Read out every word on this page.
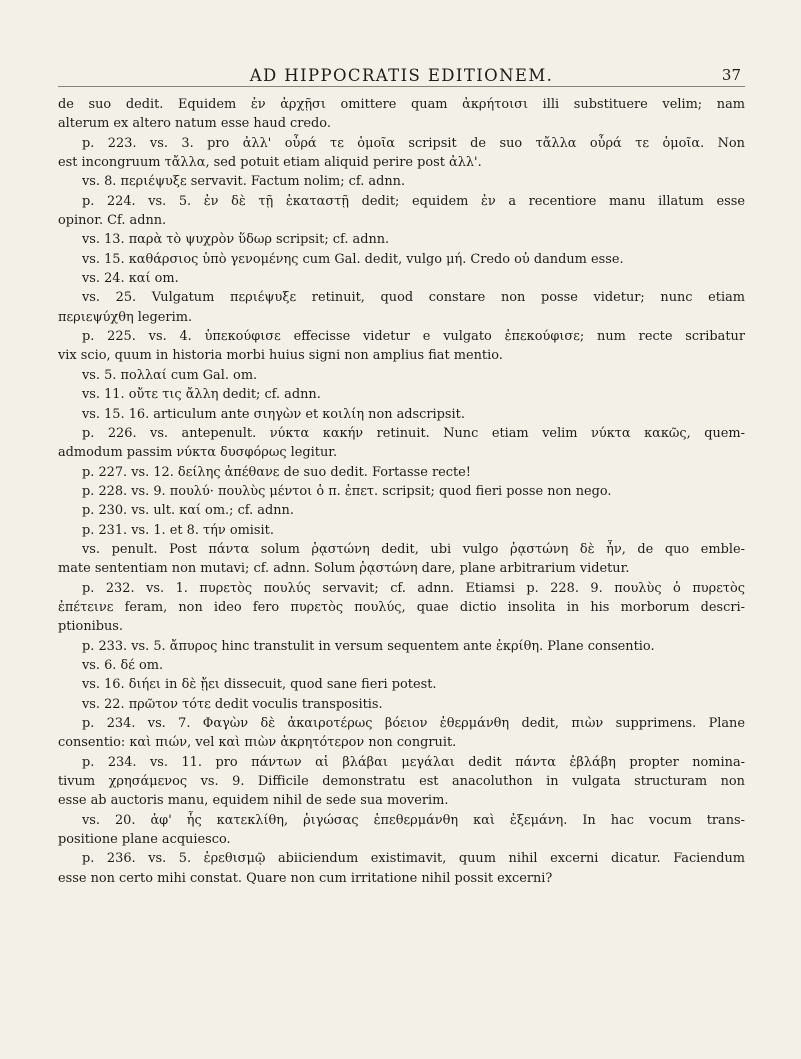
AD HIPPOCRATIS EDITIONEM.	37
de suo dedit. Equidem ἐν ἀρχῇσι omittere quam ἀκρήτοισι illi substituere velim; nam
alterum ex altero natum esse haud credo.
p. 223. vs. 3. pro ἀλλ' οὖρά τε ὁμοῖα scripsit de suo τἄλλα οὖρά τε ὁμοῖα. Non
est incongruum τἄλλα, sed potuit etiam aliquid perire post ἀλλ'.
vs. 8. περιέψυξε servavit. Factum nolim; cf. adnn.
p. 224. vs. 5. ἐν δὲ τῇ ἑκαταστῇ dedit; equidem ἐν a recentiore manu illatum esse
opinor. Cf. adnn.
vs. 13. παρὰ τὸ ψυχρὸν ὕδωρ scripsit; cf. adnn.
vs. 15. καθάρσιος ὑπὸ γενομένης cum Gal. dedit, vulgo μή. Credo οὐ dandum esse.
vs. 24. καί om.
vs. 25. Vulgatum περιέψυξε retinuit, quod constare non posse videtur; nunc etiam
περιεψύχθη legerim.
p. 225. vs. 4. ὑπεκούφισε effecisse videtur e vulgato ἐπεκούφισε; num recte scribatur
vix scio, quum in historia morbi huius signi non amplius fiat mentio.
vs. 5. πολλαί cum Gal. om.
vs. 11. οὔτε τις ἄλλη dedit; cf. adnn.
vs. 15. 16. articulum ante σιηγὼν et κοιλίη non adscripsit.
p. 226. vs. antepenult. νύκτα κακήν retinuit. Nunc etiam velim νύκτα κακῶς, quem-
admodum passim νύκτα δυσφόρως legitur.
p. 227. vs. 12. δείλης ἀπέθανε de suo dedit. Fortasse recte!
p. 228. vs. 9. πουλύ· πουλὺς μέντοι ὁ π. ἐπετ. scripsit; quod fieri posse non nego.
p. 230. vs. ult. καί om.; cf. adnn.
p. 231. vs. 1. et 8. τήν omisit.
vs. penult. Post πάντα solum ῥᾳστώνη dedit, ubi vulgo ῥᾳστώνη δὲ ἦν, de quo emble-
mate sententiam non mutavi; cf. adnn. Solum ῥᾳστώνη dare, plane arbitrarium videtur.
p. 232. vs. 1. πυρετὸς πουλύς servavit; cf. adnn. Etiamsi p. 228. 9. πουλὺς ὁ πυρετὸς
ἐπέτεινε feram, non ideo fero πυρετὸς πουλύς, quae dictio insolita in his morborum descri-
ptionibus.
p. 233. vs. 5. ἄπυρος hinc transtulit in versum sequentem ante ἐκρίθη. Plane consentio.
vs. 6. δέ om.
vs. 16. διήει in δὲ ᾔει dissecuit, quod sane fieri potest.
vs. 22. πρῶτον τότε dedit voculis transpositis.
p. 234. vs. 7. Φαγὼν δὲ ἀκαιροτέρως βόειον ἐθερμάνθη dedit, πιὼν supprimens. Plane
consentio: καὶ πιών, vel καὶ πιὼν ἀκρητότερον non congruit.
p. 234. vs. 11. pro πάντων αἱ βλάβαι μεγάλαι dedit πάντα ἐβλάβη propter nomina-
tivum χρησάμενος vs. 9. Difficile demonstratu est anacoluthon in vulgata structuram non
esse ab auctoris manu, equidem nihil de sede sua moverim.
vs. 20. ἀφ' ἧς κατεκλίθη, ῥιγώσας ἐπεθερμάνθη καὶ ἐξεμάνη. In hac vocum trans-
positione plane acquiesco.
p. 236. vs. 5. ἐρεθισμῷ abiiciendum existimavit, quum nihil excerni dicatur. Faciendum
esse non certo mihi constat. Quare non cum irritatione nihil possit excerni?
